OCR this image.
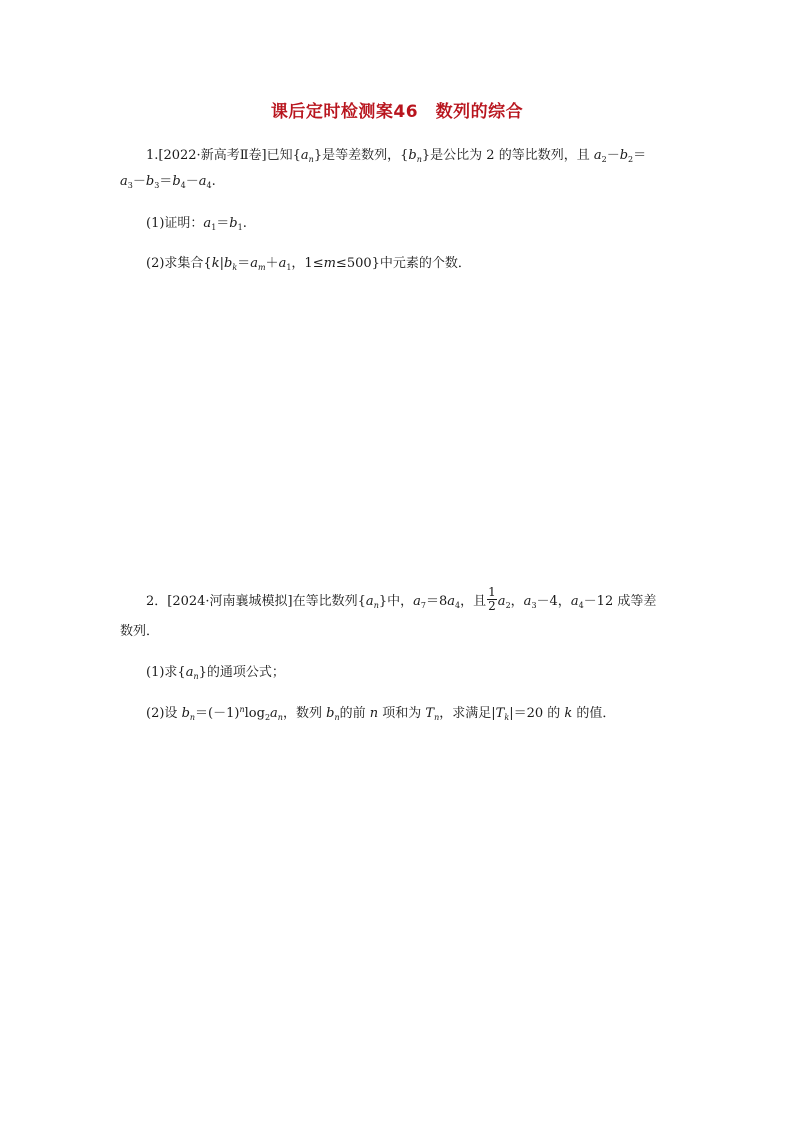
课后定时检测案46　数列的综合
1.[2022·新高考Ⅱ卷]已知$\{a_n\}$是等差数列，$\{b_n\}$是公比为 2 的等比数列，且 $a_2-b_2=$
$a_3-b_3=b_4-a_4$.
(1)证明：$a_1=b_1$.
(2)求集合{$k|b_k=a_m+a_1$，1≤m≤500}中元素的个数．
2．[2024·河南襄城模拟]在等比数列$\{a_n\}$中，$a_7=8a_4$，且 $\frac{1}{2} a_2$，$a_3-4$，$a_4-12$ 成等差
数列．
(1)求$\{a_n\}$的通项公式；
(2)设 $b_n=(-1)^n\log_2a_n$，数列 $b_n$的前 n 项和为 $T_n$，求满足$|T_k|=20$ 的 k 的值．
